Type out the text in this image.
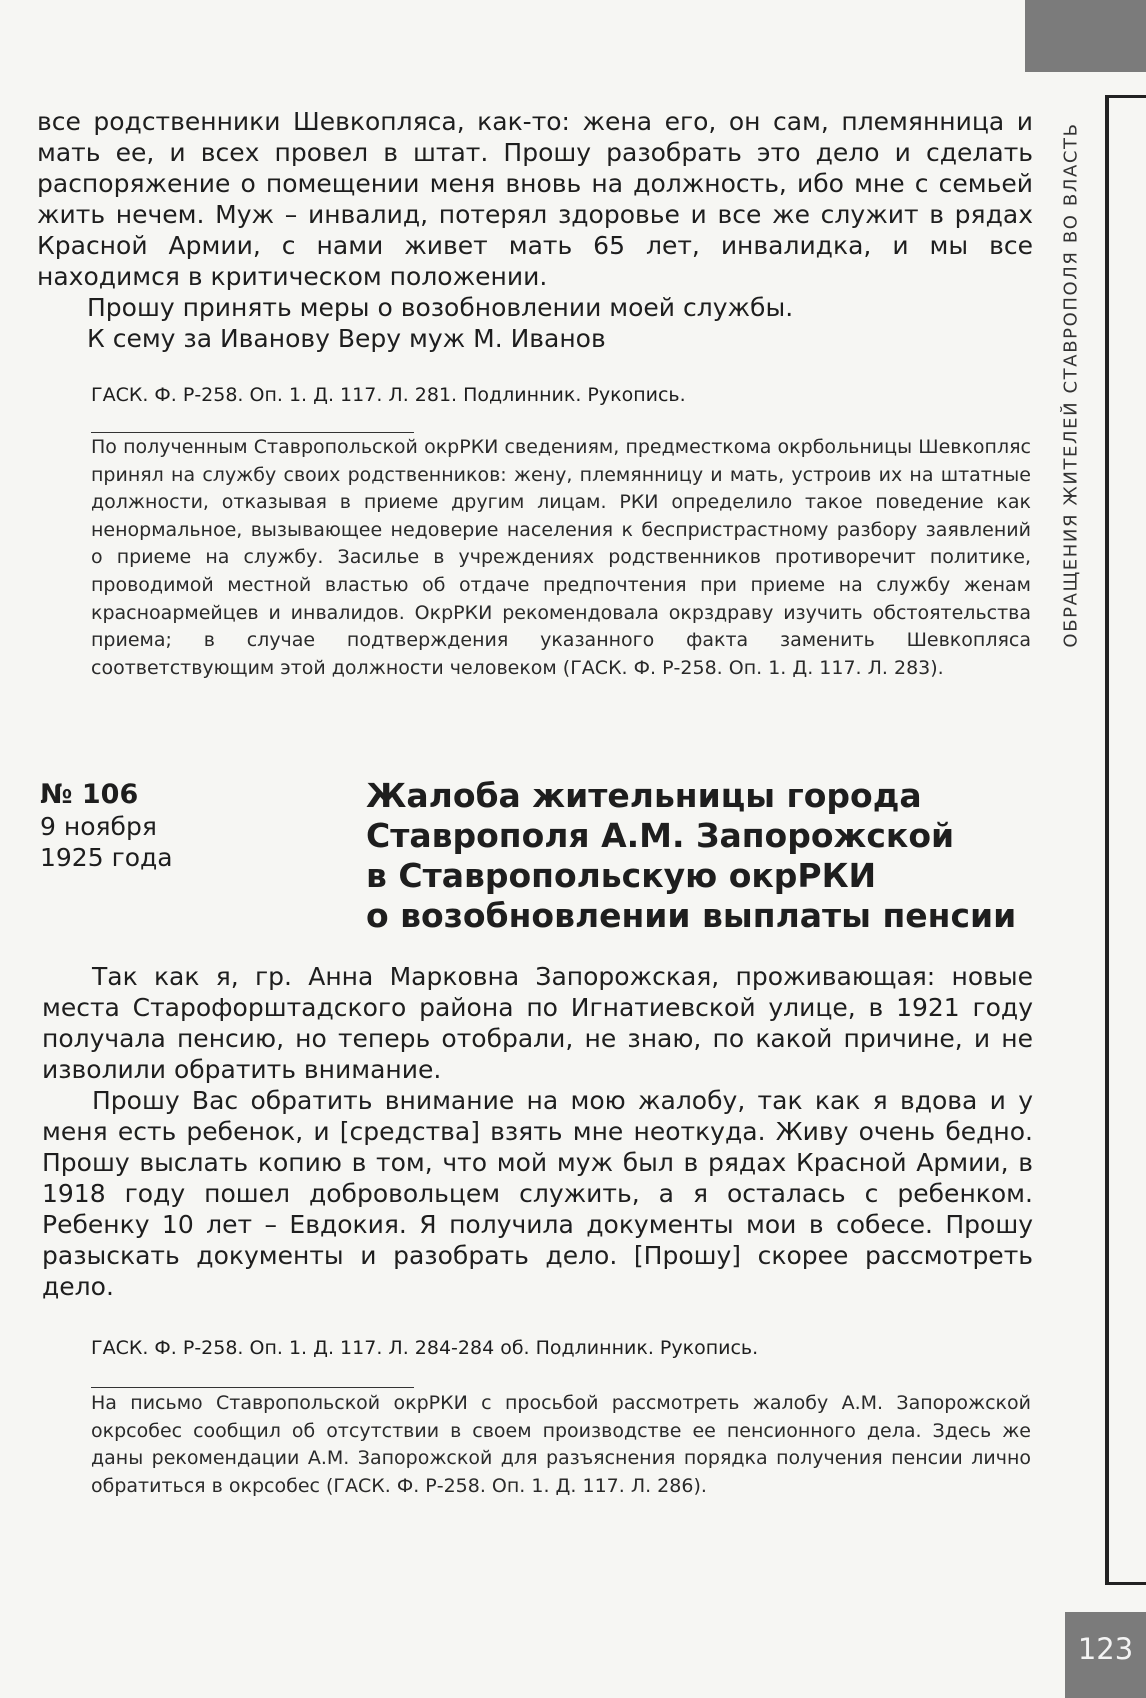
ОБРАЩЕНИЯ ЖИТЕЛЕЙ СТАВРОПОЛЯ ВО ВЛАСТЬ
123

все родственники Шевкопляса, как-то: жена его, он сам, племянница и мать ее, и всех провел в штат. Прошу разобрать это дело и сделать распоряжение о помещении меня вновь на должность, ибо мне с семьей жить нечем. Муж – инвалид, потерял здоровье и все же служит в рядах Красной Армии, с нами живет мать 65 лет, инвалидка, и мы все находимся в критическом положении.

Прошу принять меры о возобновлении моей службы.

К сему за Иванову Веру муж М. Иванов

ГАСК. Ф. Р-258. Оп. 1. Д. 117. Л. 281. Подлинник. Рукопись.

По полученным Ставропольской окрРКИ сведениям, предместкома окрбольницы Шевкопляс принял на службу своих родственников: жену, племянницу и мать, устроив их на штатные должности, отказывая в приеме другим лицам. РКИ определило такое поведение как ненормальное, вызывающее недоверие населения к беспристрастному разбору заявлений о приеме на службу. Засилье в учреждениях родственников противоречит политике, проводимой местной властью об отдаче предпочтения при приеме на службу женам красноармейцев и инвалидов. ОкрРКИ рекомендовала окрздраву изучить обстоятельства приема; в случае подтверждения указанного факта заменить Шевкопляса соответствующим этой должности человеком (ГАСК. Ф. Р-258. Оп. 1. Д. 117. Л. 283).

№ 106
9 ноября
1925 года
Жалоба жительницы города
Ставрополя А.М. Запорожской
в Ставропольскую окрРКИ
о возобновлении выплаты пенсии

Так как я, гр. Анна Марковна Запорожская, проживающая: новые места Старофорштадского района по Игнатиевской улице, в 1921 году получала пенсию, но теперь отобрали, не знаю, по какой причине, и не изволили обратить внимание.

Прошу Вас обратить внимание на мою жалобу, так как я вдова и у меня есть ребенок, и [средства] взять мне неоткуда. Живу очень бедно. Прошу выслать копию в том, что мой муж был в рядах Красной Армии, в 1918 году пошел добровольцем служить, а я осталась с ребенком. Ребенку 10 лет – Евдокия. Я получила документы мои в собесе. Прошу разыскать документы и разобрать дело. [Прошу] скорее рассмотреть дело.

ГАСК. Ф. Р-258. Оп. 1. Д. 117. Л. 284-284 об. Подлинник. Рукопись.

На письмо Ставропольской окрРКИ с просьбой рассмотреть жалобу А.М. Запорожской окрсобес сообщил об отсутствии в своем производстве ее пенсионного дела. Здесь же даны рекомендации А.М. Запорожской для разъяснения порядка получения пенсии лично обратиться в окрсобес (ГАСК. Ф. Р-258. Оп. 1. Д. 117. Л. 286).
